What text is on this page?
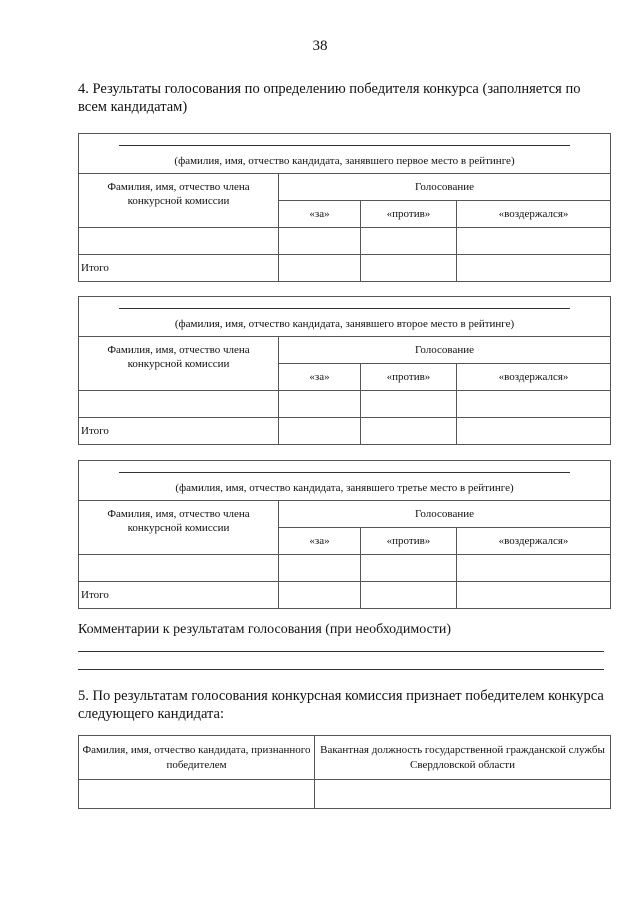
38
4. Результаты голосования по определению победителя конкурса (заполняется по всем кандидатам)
(фамилия, имя, отчество кандидата, занявшего первое место в рейтинге)			

Фамилия, имя, отчество члена конкурсной комиссии	Голосование		
	«за»	«против»	«воздержался»

Итого			
(фамилия, имя, отчество кандидата, занявшего второе место в рейтинге)			

Фамилия, имя, отчество члена конкурсной комиссии	Голосование		
	«за»	«против»	«воздержался»

Итого			
(фамилия, имя, отчество кандидата, занявшего третье место в рейтинге)			

Фамилия, имя, отчество члена конкурсной комиссии	Голосование		
	«за»	«против»	«воздержался»

Итого			
Комментарии к результатам голосования (при необходимости)
5. По результатам голосования конкурсная комиссия признает победителем конкурса следующего кандидата:
Фамилия, имя, отчество кандидата, признанного победителем	Вакантная должность государственной гражданской службы Свердловской области
